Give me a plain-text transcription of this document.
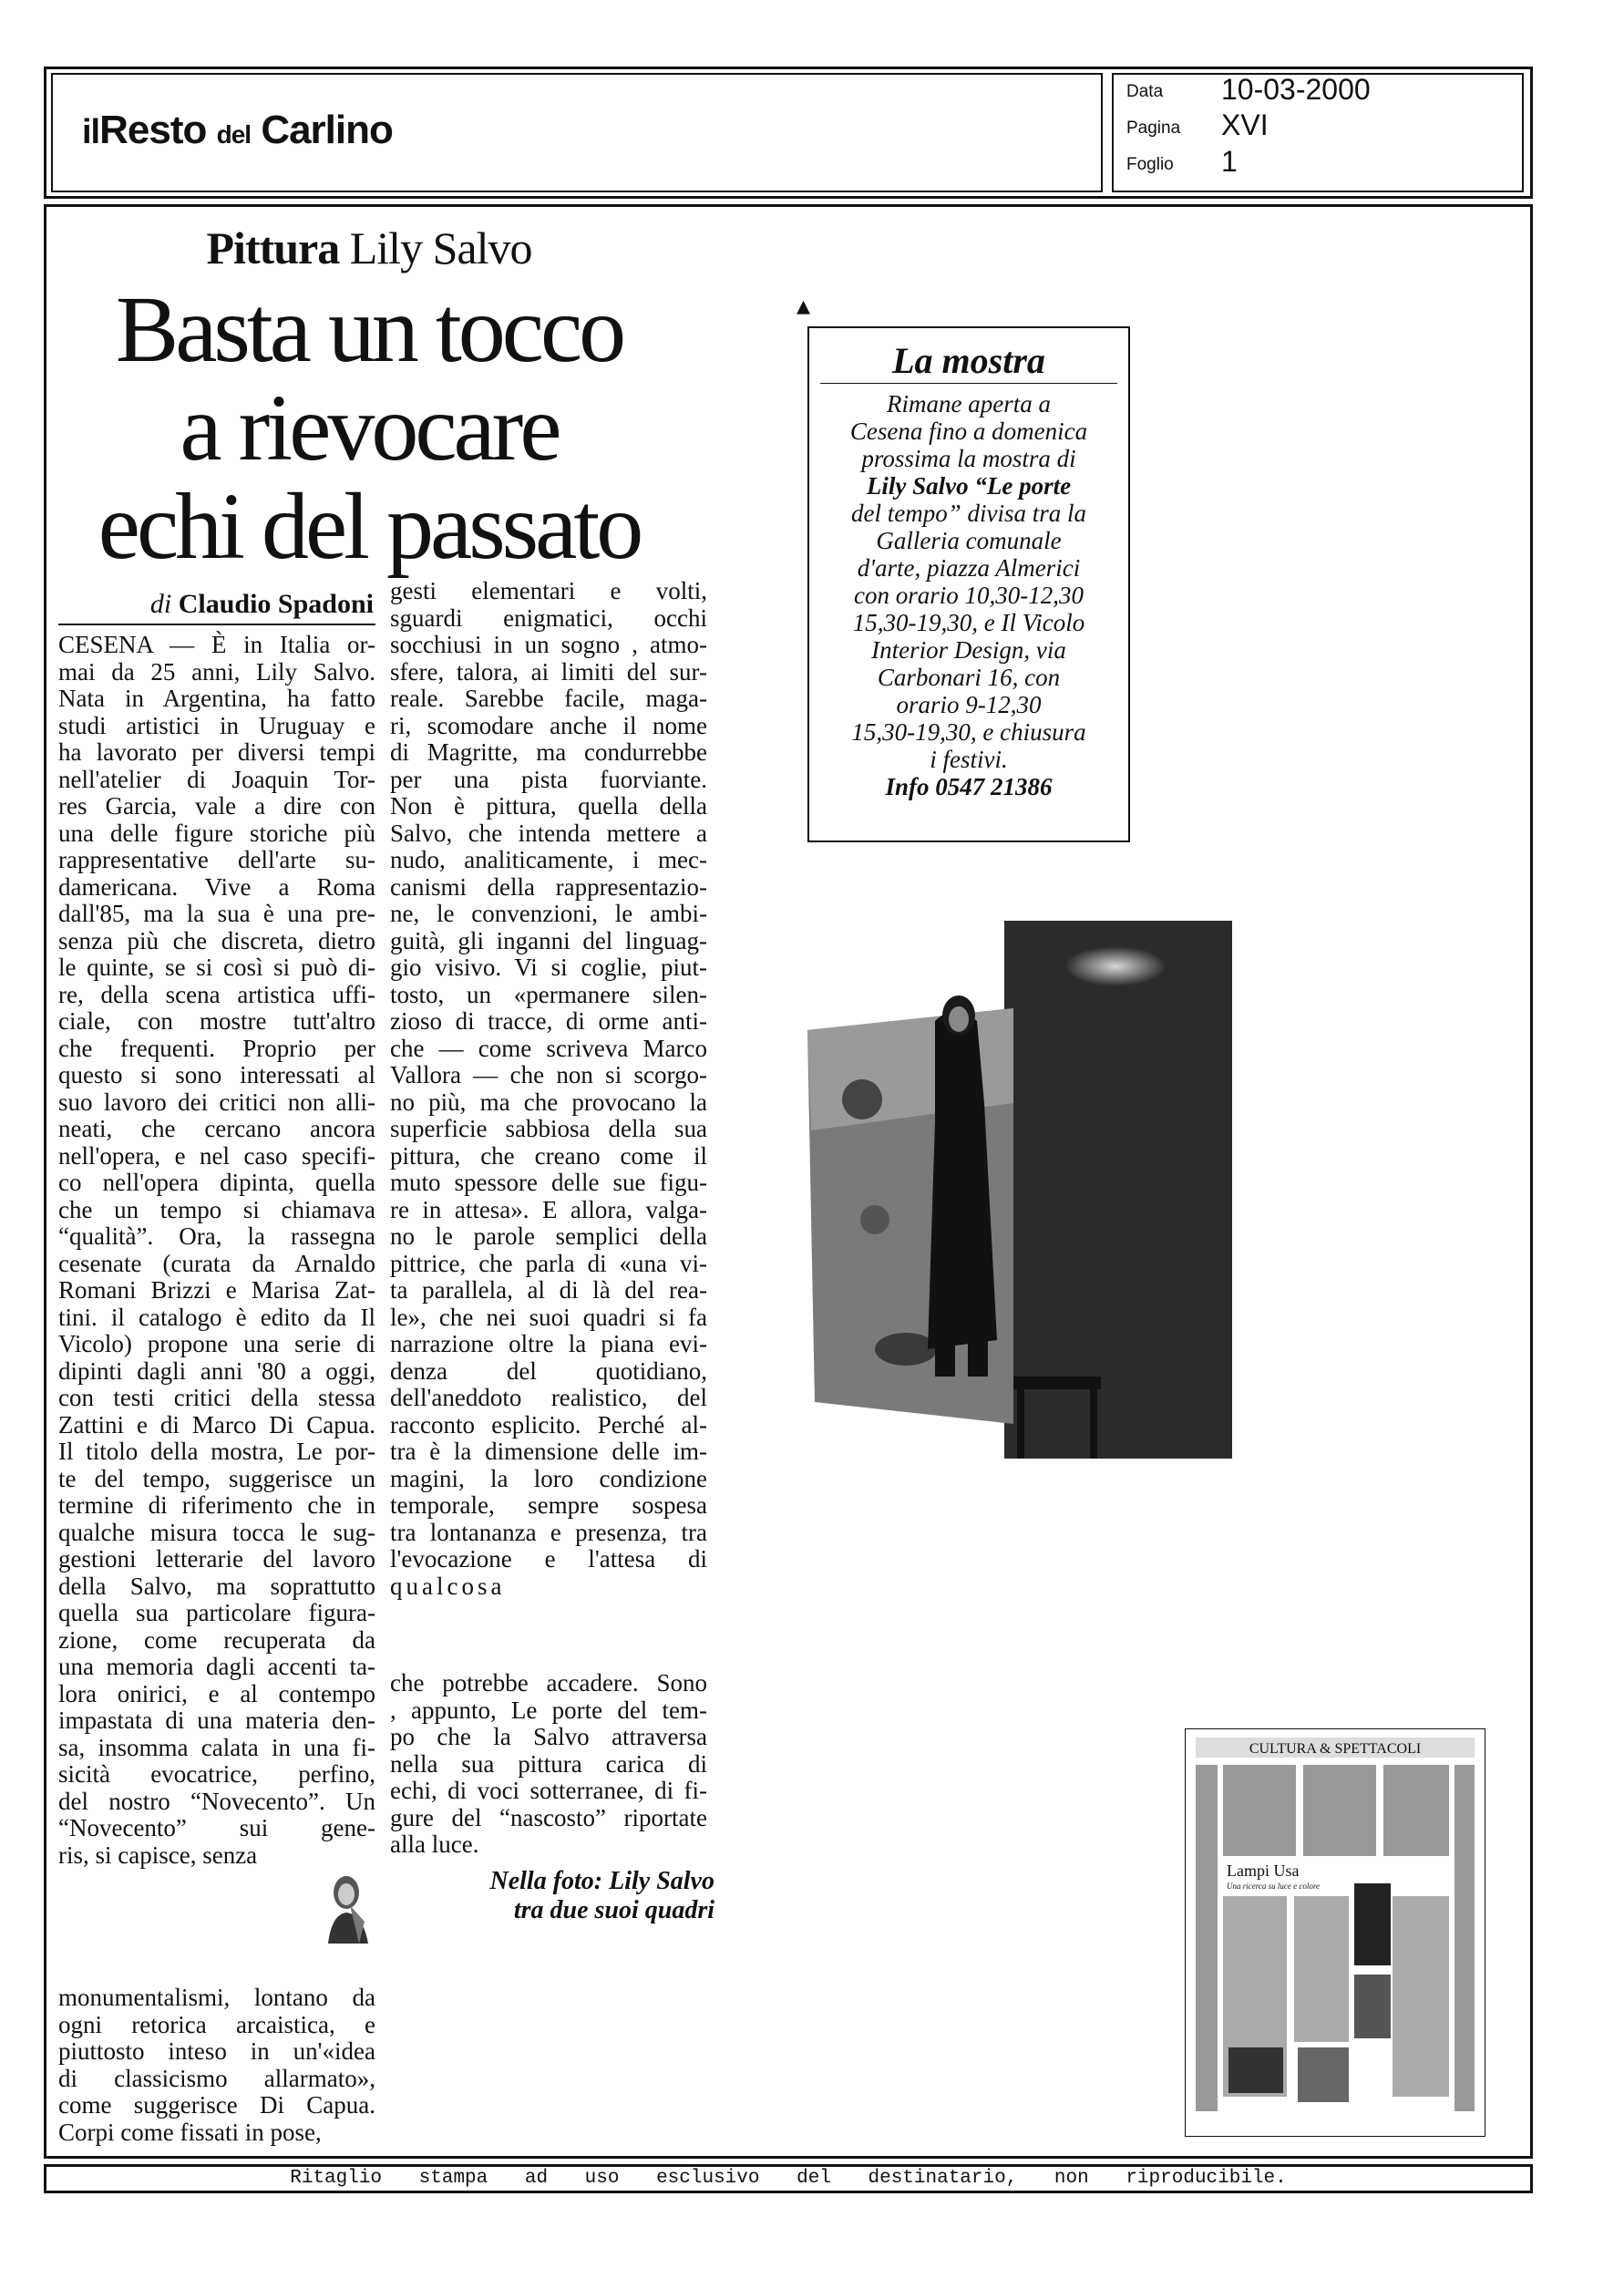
ilResto del Carlino
Data 10-03-2000
Pagina XVI
Foglio 1
Pittura Lily Salvo
Basta un tocco
a rievocare
echi del passato
di Claudio Spadoni

CESENA — È in Italia or-

mai da 25 anni, Lily Salvo.

Nata in Argentina, ha fatto

studi artistici in Uruguay e

ha lavorato per diversi tempi

nell'atelier di Joaquin Tor-

res Garcia, vale a dire con

una delle figure storiche più

rappresentative dell'arte su-

damericana. Vive a Roma

dall'85, ma la sua è una pre-

senza più che discreta, dietro

le quinte, se si così si può di-

re, della scena artistica uffi-

ciale, con mostre tutt'altro

che frequenti. Proprio per

questo si sono interessati al

suo lavoro dei critici non alli-

neati, che cercano ancora

nell'opera, e nel caso specifi-

co nell'opera dipinta, quella

che un tempo si chiamava

“qualità”. Ora, la rassegna

cesenate (curata da Arnaldo

Romani Brizzi e Marisa Zat-

tini. il catalogo è edito da Il

Vicolo) propone una serie di

dipinti dagli anni '80 a oggi,

con testi critici della stessa

Zattini e di Marco Di Capua.

Il titolo della mostra, Le por-

te del tempo, suggerisce un

termine di riferimento che in

qualche misura tocca le sug-

gestioni letterarie del lavoro

della Salvo, ma soprattutto

quella sua particolare figura-

zione, come recuperata da

una memoria dagli accenti ta-

lora onirici, e al contempo

impastata di una materia den-

sa, insomma calata in una fi-

sicità evocatrice, perfino,

del nostro “Novecento”. Un

“Novecento” sui gene-

ris, si capisce, senza

monumentalismi, lontano da

ogni retorica arcaistica, e

piuttosto inteso in un'«idea

di classicismo allarmato»,

come suggerisce Di Capua.

Corpi come fissati in pose,

gesti elementari e volti,

sguardi enigmatici, occhi

socchiusi in un sogno , atmo-

sfere, talora, ai limiti del sur-

reale. Sarebbe facile, maga-

ri, scomodare anche il nome

di Magritte, ma condurrebbe

per una pista fuorviante.

Non è pittura, quella della

Salvo, che intenda mettere a

nudo, analiticamente, i mec-

canismi della rappresentazio-

ne, le convenzioni, le ambi-

guità, gli inganni del linguag-

gio visivo. Vi si coglie, piut-

tosto, un «permanere silen-

zioso di tracce, di orme anti-

che — come scriveva Marco

Vallora — che non si scorgo-

no più, ma che provocano la

superficie sabbiosa della sua

pittura, che creano come il

muto spessore delle sue figu-

re in attesa». E allora, valga-

no le parole semplici della

pittrice, che parla di «una vi-

ta parallela, al di là del rea-

le», che nei suoi quadri si fa

narrazione oltre la piana evi-

denza del quotidiano,

dell'aneddoto realistico, del

racconto esplicito. Perché al-

tra è la dimensione delle im-

magini, la loro condizione

temporale, sempre sospesa

tra lontananza e presenza, tra

l'evocazione e l'attesa di

qualcosa

che potrebbe accadere. Sono

, appunto, Le porte del tem-

po che la Salvo attraversa

nella sua pittura carica di

echi, di voci sotterranee, di fi-

gure del “nascosto” riportate

alla luce.

Nella foto: Lily Salvo
tra due suoi quadri
▴
La mostra
Rimane aperta a
Cesena fino a domenica
prossima la mostra di
Lily Salvo “Le porte
del tempo” divisa tra la
Galleria comunale
d'arte, piazza Almerici
con orario 10,30-12,30
15,30-19,30, e Il Vicolo
Interior Design, via
Carbonari 16, con
orario 9-12,30
15,30-19,30, e chiusura
i festivi.
Info 0547 21386
CULTURA & SPETTACOLI
Lampi Usa
Una ricerca su luce e colore
Ritaglio stampa ad uso esclusivo del destinatario, non riproducibile.
